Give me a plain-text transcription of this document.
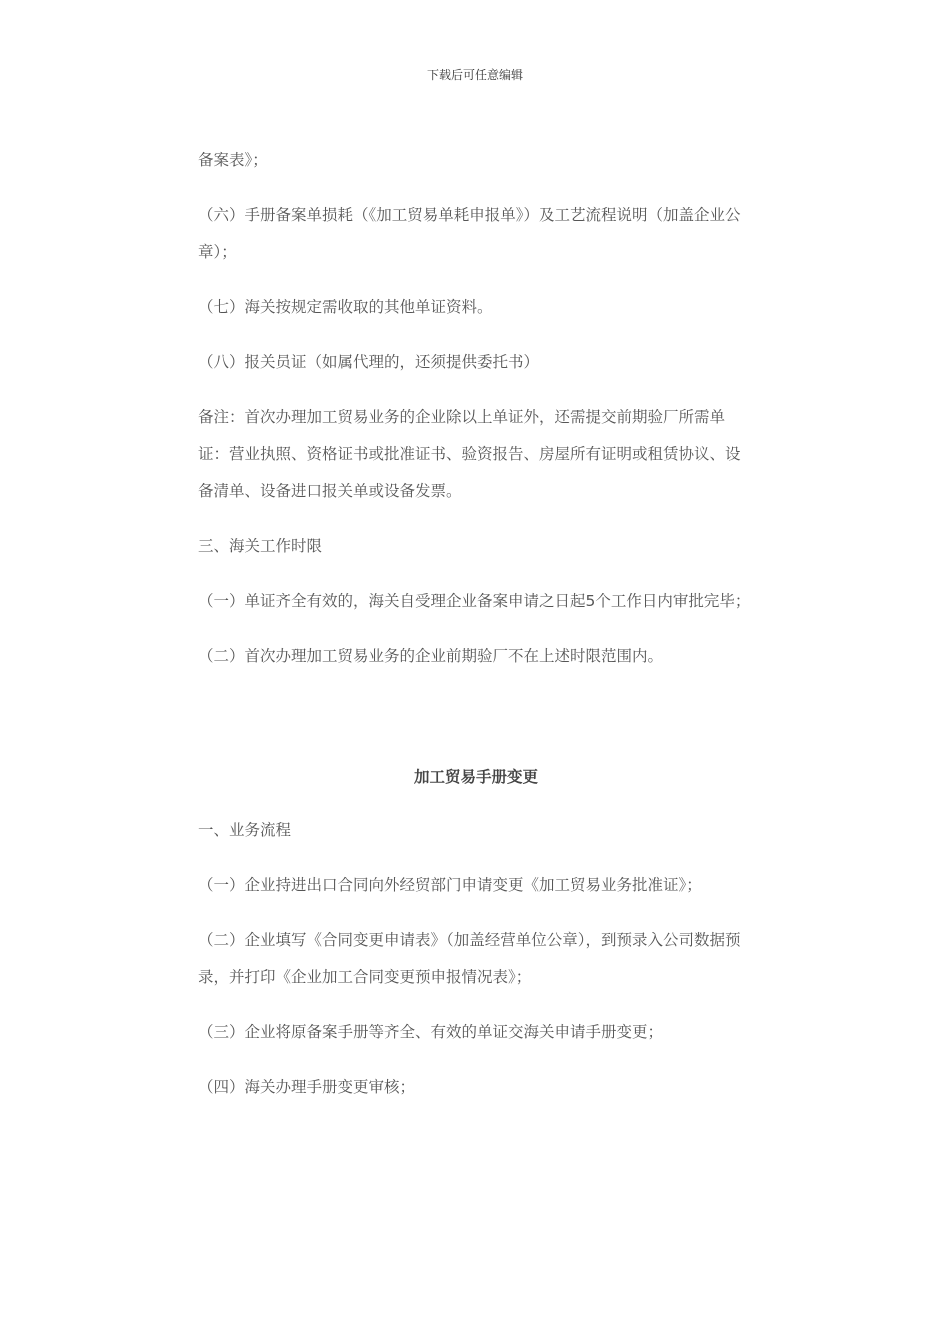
下载后可任意编辑

备案表》；

（六）手册备案单损耗（《加工贸易单耗申报单》）及工艺流程说明（加盖企业公章）；

（七）海关按规定需收取的其他单证资料。

（八）报关员证（如属代理的，还须提供委托书）

备注：首次办理加工贸易业务的企业除以上单证外，还需提交前期验厂所需单证：营业执照、资格证书或批准证书、验资报告、房屋所有证明或租赁协议、设备清单、设备进口报关单或设备发票。

三、海关工作时限

（一）单证齐全有效的，海关自受理企业备案申请之日起5个工作日内审批完毕；

（二）首次办理加工贸易业务的企业前期验厂不在上述时限范围内。

加工贸易手册变更

一、业务流程

（一）企业持进出口合同向外经贸部门申请变更《加工贸易业务批准证》；

（二）企业填写《合同变更申请表》（加盖经营单位公章），到预录入公司数据预录，并打印《企业加工合同变更预申报情况表》；

（三）企业将原备案手册等齐全、有效的单证交海关申请手册变更；

（四）海关办理手册变更审核；
